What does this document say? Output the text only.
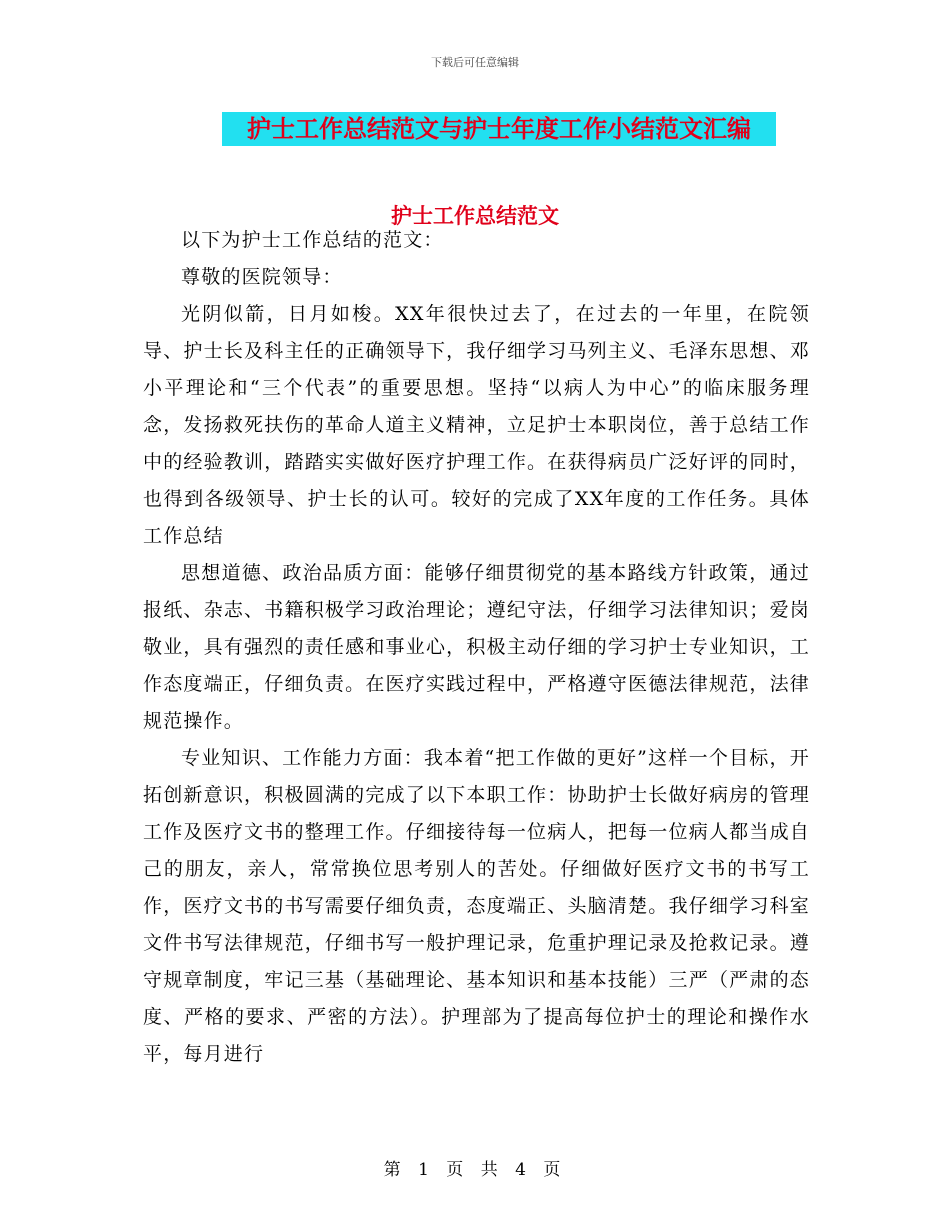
下载后可任意编辑
护士工作总结范文与护士年度工作小结范文汇编
护士工作总结范文

以下为护士工作总结的范文：

尊敬的医院领导：

光阴似箭，日月如梭。XX年很快过去了，在过去的一年里，在院领导、护士长及科主任的正确领导下，我仔细学习马列主义、毛泽东思想、邓小平理论和“三个代表”的重要思想。坚持“以病人为中心”的临床服务理念，发扬救死扶伤的革命人道主义精神，立足护士本职岗位，善于总结工作中的经验教训，踏踏实实做好医疗护理工作。在获得病员广泛好评的同时，也得到各级领导、护士长的认可。较好的完成了XX年度的工作任务。具体工作总结

思想道德、政治品质方面：能够仔细贯彻党的基本路线方针政策，通过报纸、杂志、书籍积极学习政治理论；遵纪守法，仔细学习法律知识；爱岗敬业，具有强烈的责任感和事业心，积极主动仔细的学习护士专业知识，工作态度端正，仔细负责。在医疗实践过程中，严格遵守医德法律规范，法律规范操作。

专业知识、工作能力方面：我本着“把工作做的更好”这样一个目标，开拓创新意识，积极圆满的完成了以下本职工作：协助护士长做好病房的管理工作及医疗文书的整理工作。仔细接待每一位病人，把每一位病人都当成自己的朋友，亲人，常常换位思考别人的苦处。仔细做好医疗文书的书写工作，医疗文书的书写需要仔细负责，态度端正、头脑清楚。我仔细学习科室文件书写法律规范，仔细书写一般护理记录，危重护理记录及抢救记录。遵守规章制度，牢记三基（基础理论、基本知识和基本技能）三严（严肃的态度、严格的要求、严密的方法）。护理部为了提高每位护士的理论和操作水平，每月进行

第 1 页 共 4 页
